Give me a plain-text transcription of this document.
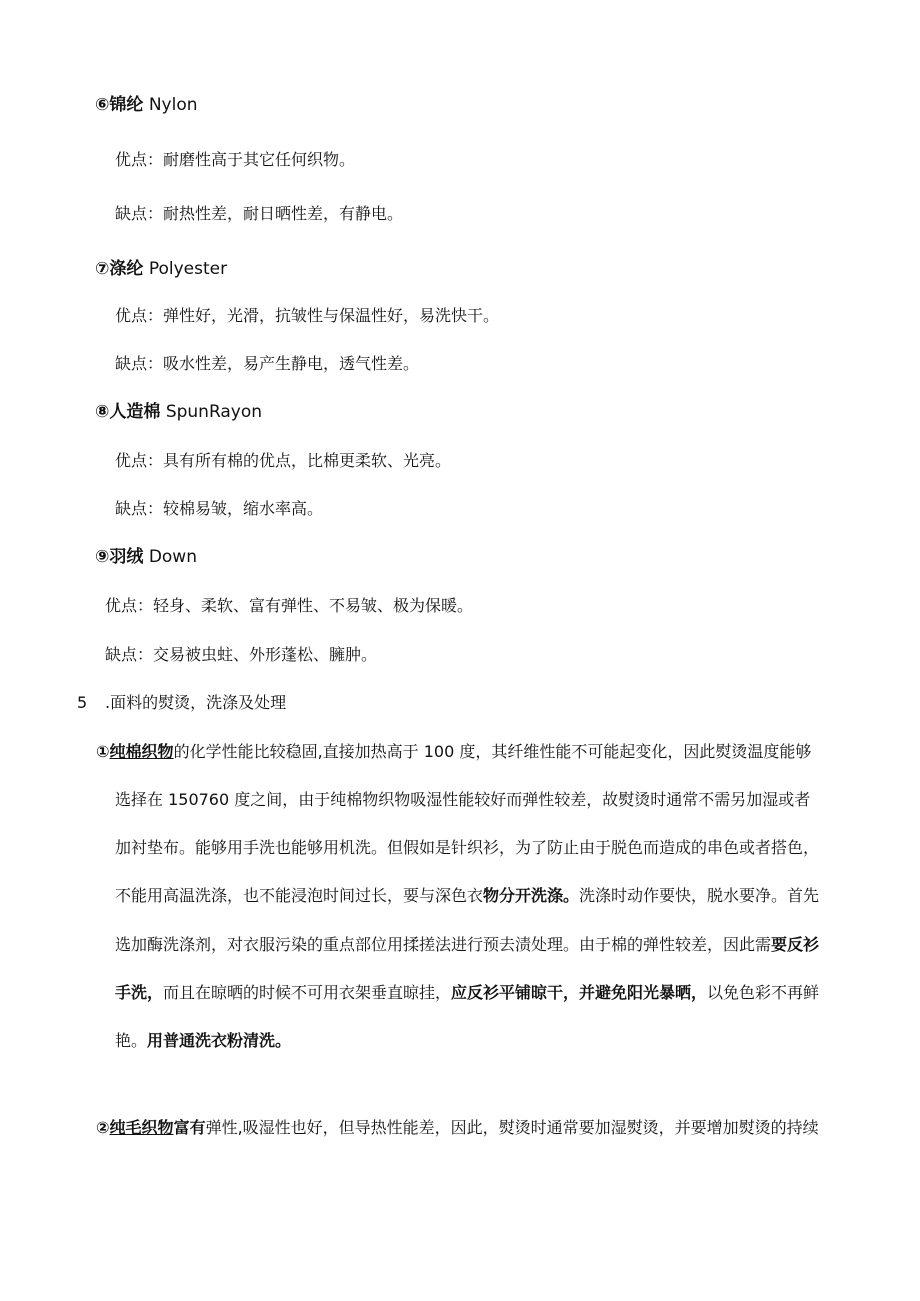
⑥锦纶 Nylon
优点：耐磨性高于其它任何织物。
缺点：耐热性差，耐日晒性差，有静电。
⑦涤纶 Polyester
优点：弹性好，光滑，抗皱性与保温性好，易洗快干。
缺点：吸水性差，易产生静电，透气性差。
⑧人造棉 SpunRayon
优点：具有所有棉的优点，比棉更柔软、光亮。
缺点：较棉易皱，缩水率高。
⑨羽绒 Down
优点：轻身、柔软、富有弹性、不易皱、极为保暖。
缺点：交易被虫蛀、外形蓬松、臃肿。
5 .面料的熨烫，洗涤及处理
①纯棉织物的化学性能比较稳固,直接加热高于 100 度，其纤维性能不可能起变化，因此熨烫温度能够
选择在 150760 度之间，由于纯棉物织物吸湿性能较好而弹性较差，故熨烫时通常不需另加湿或者
加衬垫布。能够用手洗也能够用机洗。但假如是针织衫，为了防止由于脱色而造成的串色或者搭色，
不能用高温洗涤，也不能浸泡时间过长，要与深色衣物分开洗涤。洗涤时动作要快，脱水要净。首先
选加酶洗涤剂，对衣服污染的重点部位用揉搓法进行预去渍处理。由于棉的弹性较差，因此需要反衫
手洗，而且在晾晒的时候不可用衣架垂直晾挂，应反衫平铺晾干，并避免阳光暴晒，以免色彩不再鲜
艳。用普通洗衣粉清洗。
②纯毛织物富有弹性,吸湿性也好，但导热性能差，因此，熨烫时通常要加湿熨烫，并要增加熨烫的持续
